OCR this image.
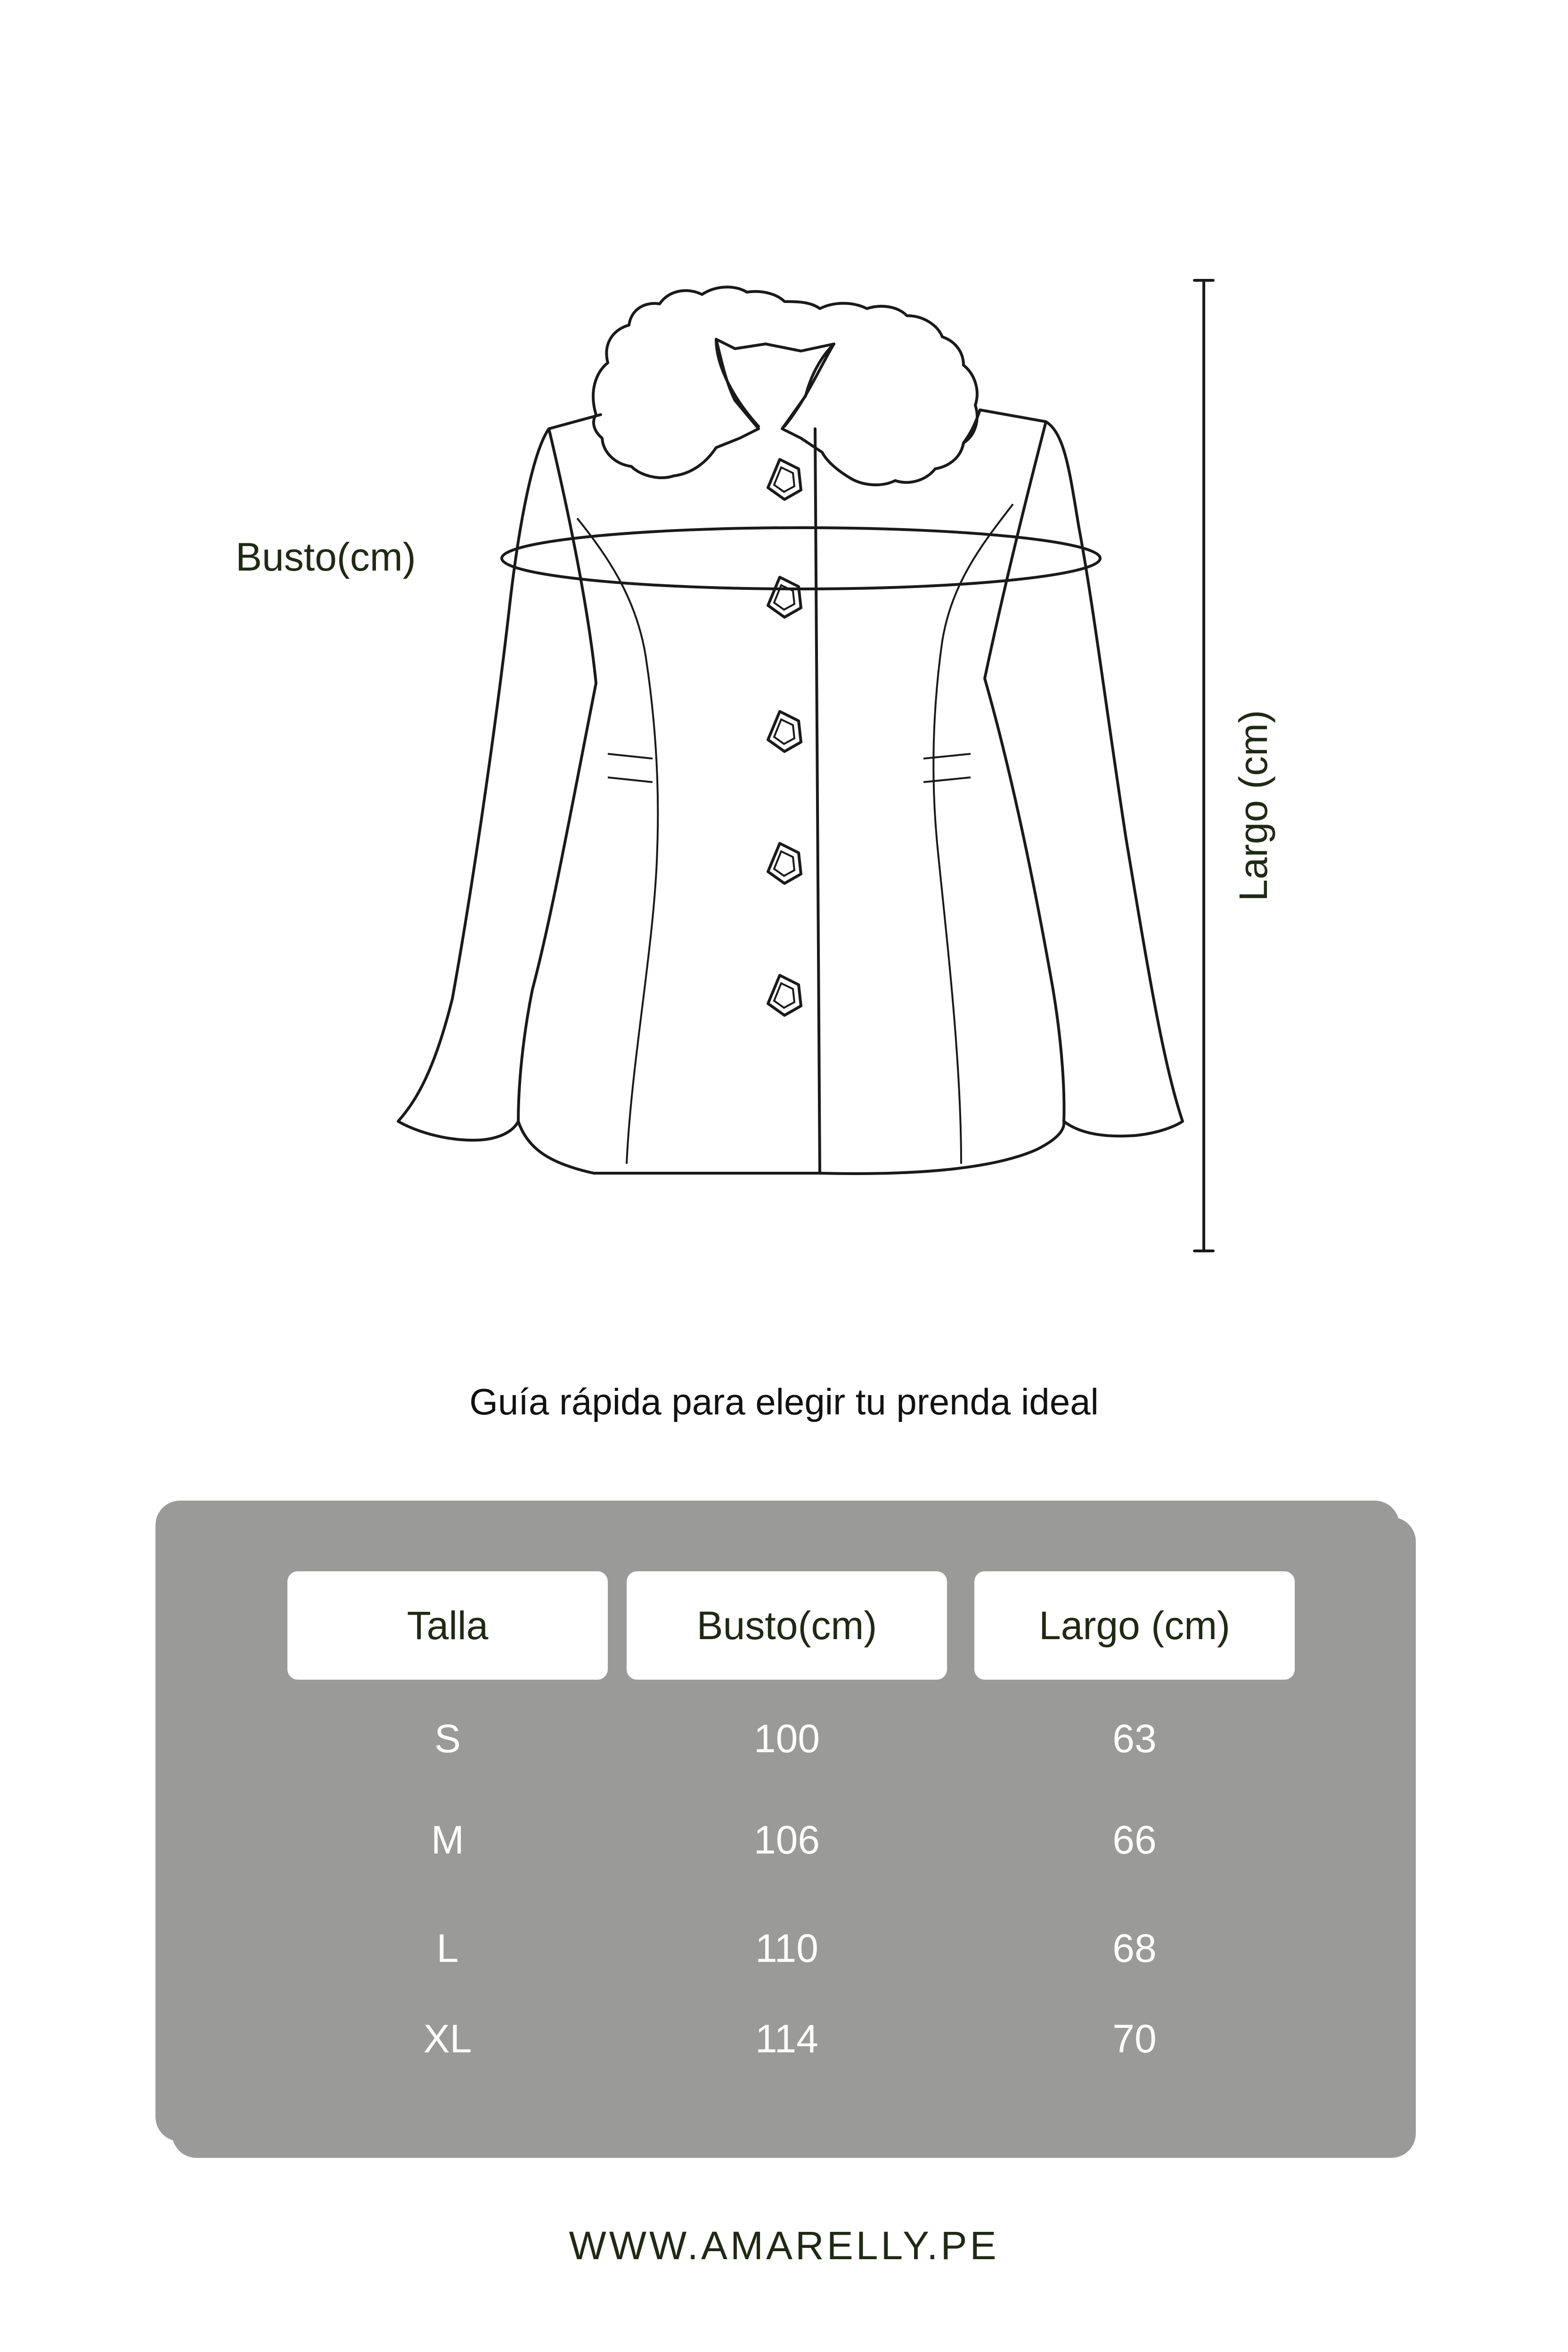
Busto(cm)
Largo (cm)
Guía rápida para elegir tu prenda ideal
Talla	Busto(cm)	Largo (cm)
S	100	63
M	106	66
L	110	68
XL	114	70
WWW.AMARELLY.PE
